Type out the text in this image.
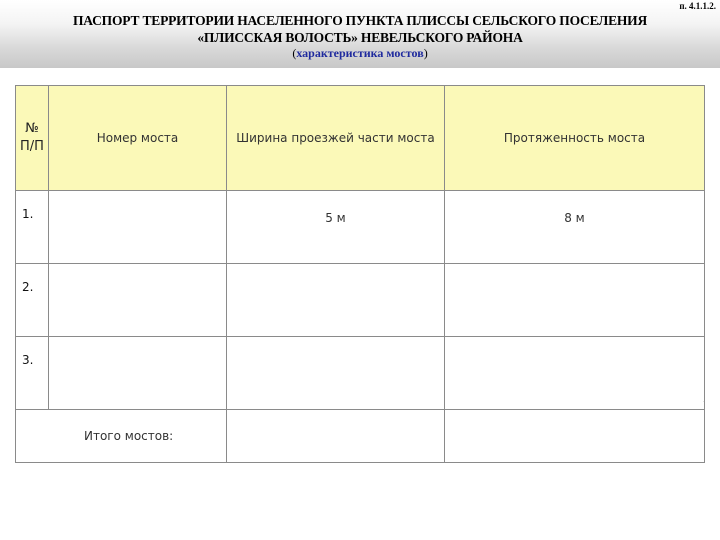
п. 4.1.1.2.
ПАСПОРТ ТЕРРИТОРИИ НАСЕЛЕННОГО ПУНКТА ПЛИССЫ СЕЛЬСКОГО ПОСЕЛЕНИЯ
«ПЛИССКАЯ ВОЛОСТЬ» НЕВЕЛЬСКОГО РАЙОНА
(характеристика мостов)
№
П/П	Номер моста	Ширина проезжей части моста	Протяженность моста
1.		5 м	8 м
2.			
3.			
Итого мостов:			
·
